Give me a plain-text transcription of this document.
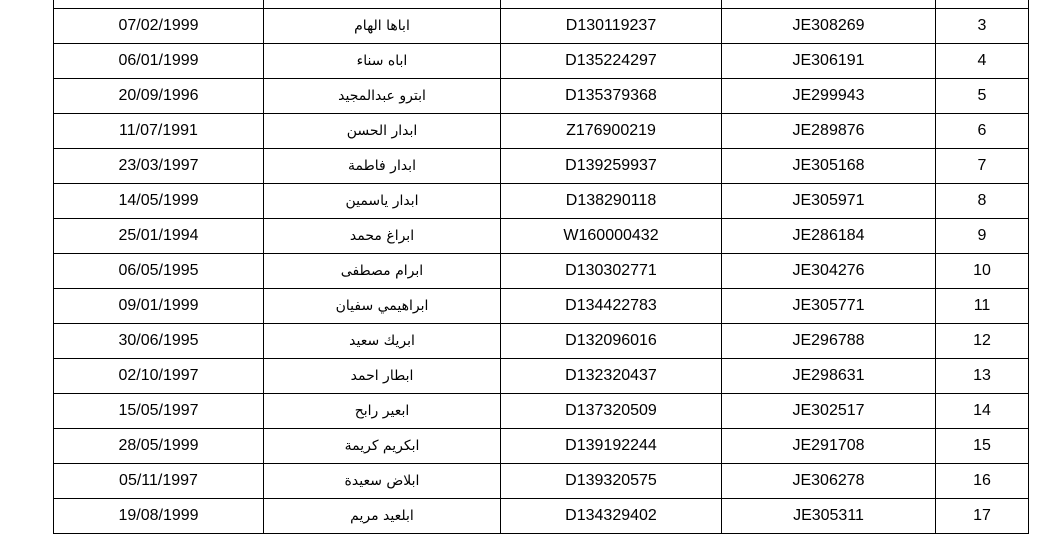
07/02/1999	اباها الهام	D130119237	JE308269	3
06/01/1999	اباه سناء	D135224297	JE306191	4
20/09/1996	ابترو عبدالمجيد	D135379368	JE299943	5
11/07/1991	ابدار الحسن	Z176900219	JE289876	6
23/03/1997	ابدار فاطمة	D139259937	JE305168	7
14/05/1999	ابدار ياسمين	D138290118	JE305971	8
25/01/1994	ابراغ محمد	W160000432	JE286184	9
06/05/1995	ابرام مصطفى	D130302771	JE304276	10
09/01/1999	ابراهيمي سفيان	D134422783	JE305771	11
30/06/1995	ابريك سعيد	D132096016	JE296788	12
02/10/1997	ابطار احمد	D132320437	JE298631	13
15/05/1997	ابعير رابح	D137320509	JE302517	14
28/05/1999	ابكريم كريمة	D139192244	JE291708	15
05/11/1997	ابلاض سعيدة	D139320575	JE306278	16
19/08/1999	ابلعيد مريم	D134329402	JE305311	17
